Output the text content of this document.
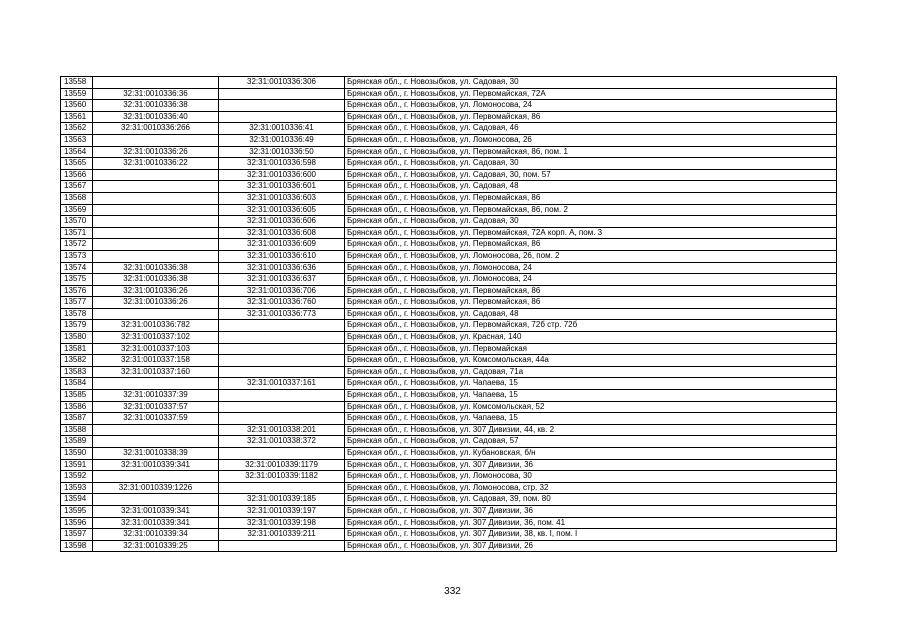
13558		32:31:0010336:306	Брянская обл., г. Новозыбков, ул. Садовая, 30
13559	32:31:0010336:36		Брянская обл., г. Новозыбков, ул. Первомайская, 72А
13560	32:31:0010336:38		Брянская обл., г. Новозыбков, ул. Ломоносова, 24
13561	32:31:0010336:40		Брянская обл., г. Новозыбков, ул. Первомайская, 86
13562	32:31:0010336:266	32:31:0010336:41	Брянская обл., г. Новозыбков, ул. Садовая, 46
13563		32:31:0010336:49	Брянская обл., г. Новозыбков, ул. Ломоносова, 26
13564	32:31:0010336:26	32:31:0010336:50	Брянская обл., г. Новозыбков, ул. Первомайская, 86, пом. 1
13565	32:31:0010336:22	32:31:0010336:598	Брянская обл., г. Новозыбков, ул. Садовая, 30
13566		32:31:0010336:600	Брянская обл., г. Новозыбков, ул. Садовая, 30, пом. 57
13567		32:31:0010336:601	Брянская обл., г. Новозыбков, ул. Садовая, 48
13568		32:31:0010336:603	Брянская обл., г. Новозыбков, ул. Первомайская, 86
13569		32:31:0010336:605	Брянская обл., г. Новозыбков, ул. Первомайская, 86, пом. 2
13570		32:31:0010336:606	Брянская обл., г. Новозыбков, ул. Садовая, 30
13571		32:31:0010336:608	Брянская обл., г. Новозыбков, ул. Первомайская, 72А корп. А, пом. 3
13572		32:31:0010336:609	Брянская обл., г. Новозыбков, ул. Первомайская, 86
13573		32:31:0010336:610	Брянская обл., г. Новозыбков, ул. Ломоносова, 26, пом. 2
13574	32:31:0010336:38	32:31:0010336:636	Брянская обл., г. Новозыбков, ул. Ломоносова, 24
13575	32:31:0010336:38	32:31:0010336:637	Брянская обл., г. Новозыбков, ул. Ломоносова, 24
13576	32:31:0010336:26	32:31:0010336:706	Брянская обл., г. Новозыбков, ул. Первомайская, 86
13577	32:31:0010336:26	32:31:0010336:760	Брянская обл., г. Новозыбков, ул. Первомайская, 86
13578		32:31:0010336:773	Брянская обл., г. Новозыбков, ул. Садовая, 48
13579	32:31:0010336:782		Брянская обл., г. Новозыбков, ул. Первомайская, 72б стр. 72б
13580	32:31:0010337:102		Брянская обл., г. Новозыбков, ул. Красная, 140
13581	32:31:0010337:103		Брянская обл., г. Новозыбков, ул. Первомайская
13582	32:31:0010337:158		Брянская обл., г. Новозыбков, ул. Комсомольская, 44а
13583	32:31:0010337:160		Брянская обл., г. Новозыбков, ул. Садовая, 71а
13584		32:31:0010337:161	Брянская обл., г. Новозыбков, ул. Чапаева, 15
13585	32:31:0010337:39		Брянская обл., г. Новозыбков, ул. Чапаева, 15
13586	32:31:0010337:57		Брянская обл., г. Новозыбков, ул. Комсомольская, 52
13587	32:31:0010337:59		Брянская обл., г. Новозыбков, ул. Чапаева, 15
13588		32:31:0010338:201	Брянская обл., г. Новозыбков, ул. 307 Дивизии, 44, кв. 2
13589		32:31:0010338:372	Брянская обл., г. Новозыбков, ул. Садовая, 57
13590	32:31:0010338:39		Брянская обл., г. Новозыбков, ул. Кубановская, б/н
13591	32:31:0010339:341	32:31:0010339:1179	Брянская обл., г. Новозыбков, ул. 307 Дивизии, 36
13592		32:31:0010339:1182	Брянская обл., г. Новозыбков, ул. Ломоносова, 30
13593	32:31:0010339:1226		Брянская обл., г. Новозыбков, ул. Ломоносова, стр. 32
13594		32:31:0010339:185	Брянская обл., г. Новозыбков, ул. Садовая, 39, пом. 80
13595	32:31:0010339:341	32:31:0010339:197	Брянская обл., г. Новозыбков, ул. 307 Дивизии, 36
13596	32:31:0010339:341	32:31:0010339:198	Брянская обл., г. Новозыбков, ул. 307 Дивизии, 36, пом. 41
13597	32:31:0010339:34	32:31:0010339:211	Брянская обл., г. Новозыбков, ул. 307 Дивизии, 38, кв. I, пом. I
13598	32:31:0010339:25		Брянская обл., г. Новозыбков, ул. 307 Дивизии, 26
332
